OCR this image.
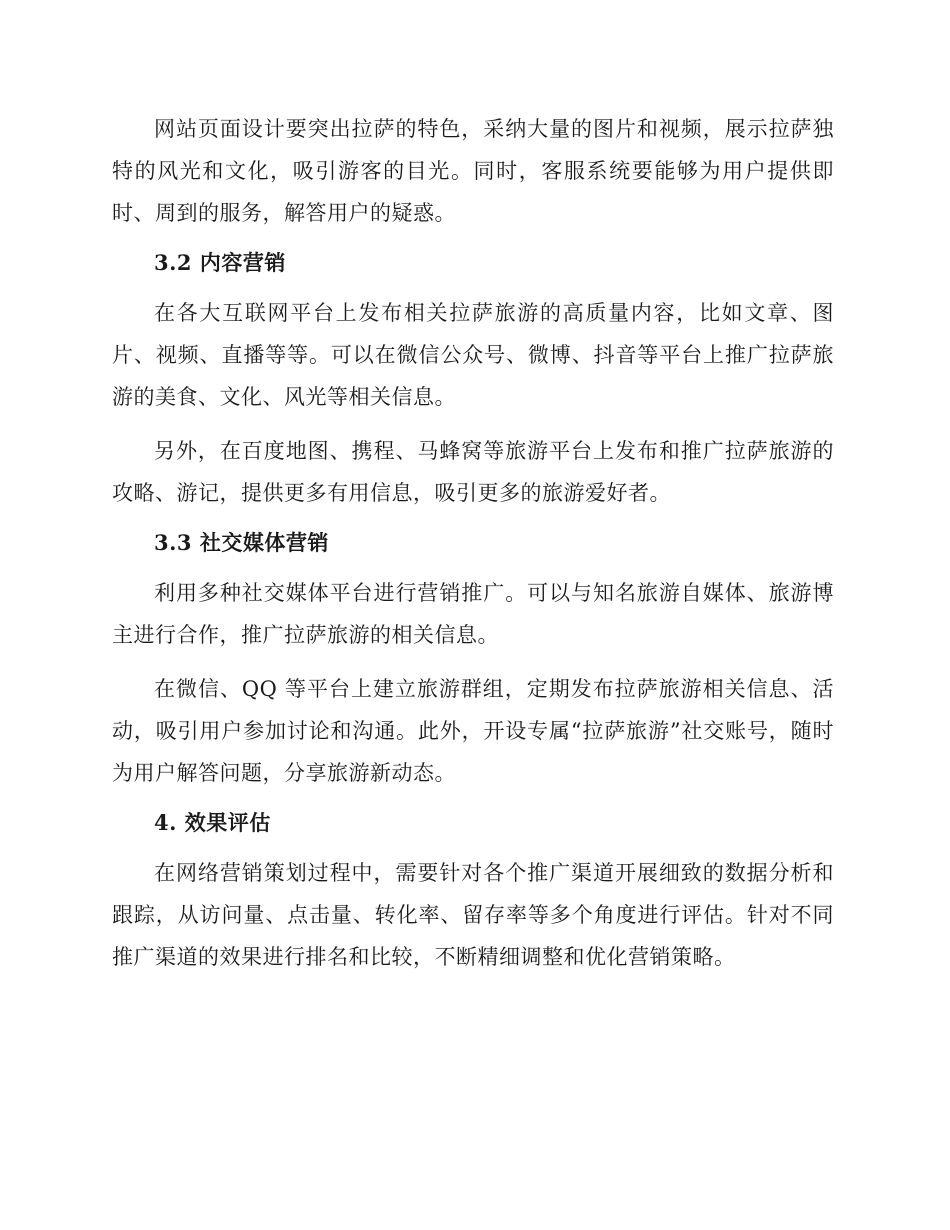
网站页面设计要突出拉萨的特色，采纳大量的图片和视频，展示拉萨独特的风光和文化，吸引游客的目光。同时，客服系统要能够为用户提供即时、周到的服务，解答用户的疑惑。

3.2 内容营销

在各大互联网平台上发布相关拉萨旅游的高质量内容，比如文章、图片、视频、直播等等。可以在微信公众号、微博、抖音等平台上推广拉萨旅游的美食、文化、风光等相关信息。

另外，在百度地图、携程、马蜂窝等旅游平台上发布和推广拉萨旅游的攻略、游记，提供更多有用信息，吸引更多的旅游爱好者。

3.3 社交媒体营销

利用多种社交媒体平台进行营销推广。可以与知名旅游自媒体、旅游博主进行合作，推广拉萨旅游的相关信息。

在微信、QQ 等平台上建立旅游群组，定期发布拉萨旅游相关信息、活动，吸引用户参加讨论和沟通。此外，开设专属“拉萨旅游”社交账号，随时为用户解答问题，分享旅游新动态。

4. 效果评估

在网络营销策划过程中，需要针对各个推广渠道开展细致的数据分析和跟踪，从访问量、点击量、转化率、留存率等多个角度进行评估。针对不同推广渠道的效果进行排名和比较，不断精细调整和优化营销策略。
